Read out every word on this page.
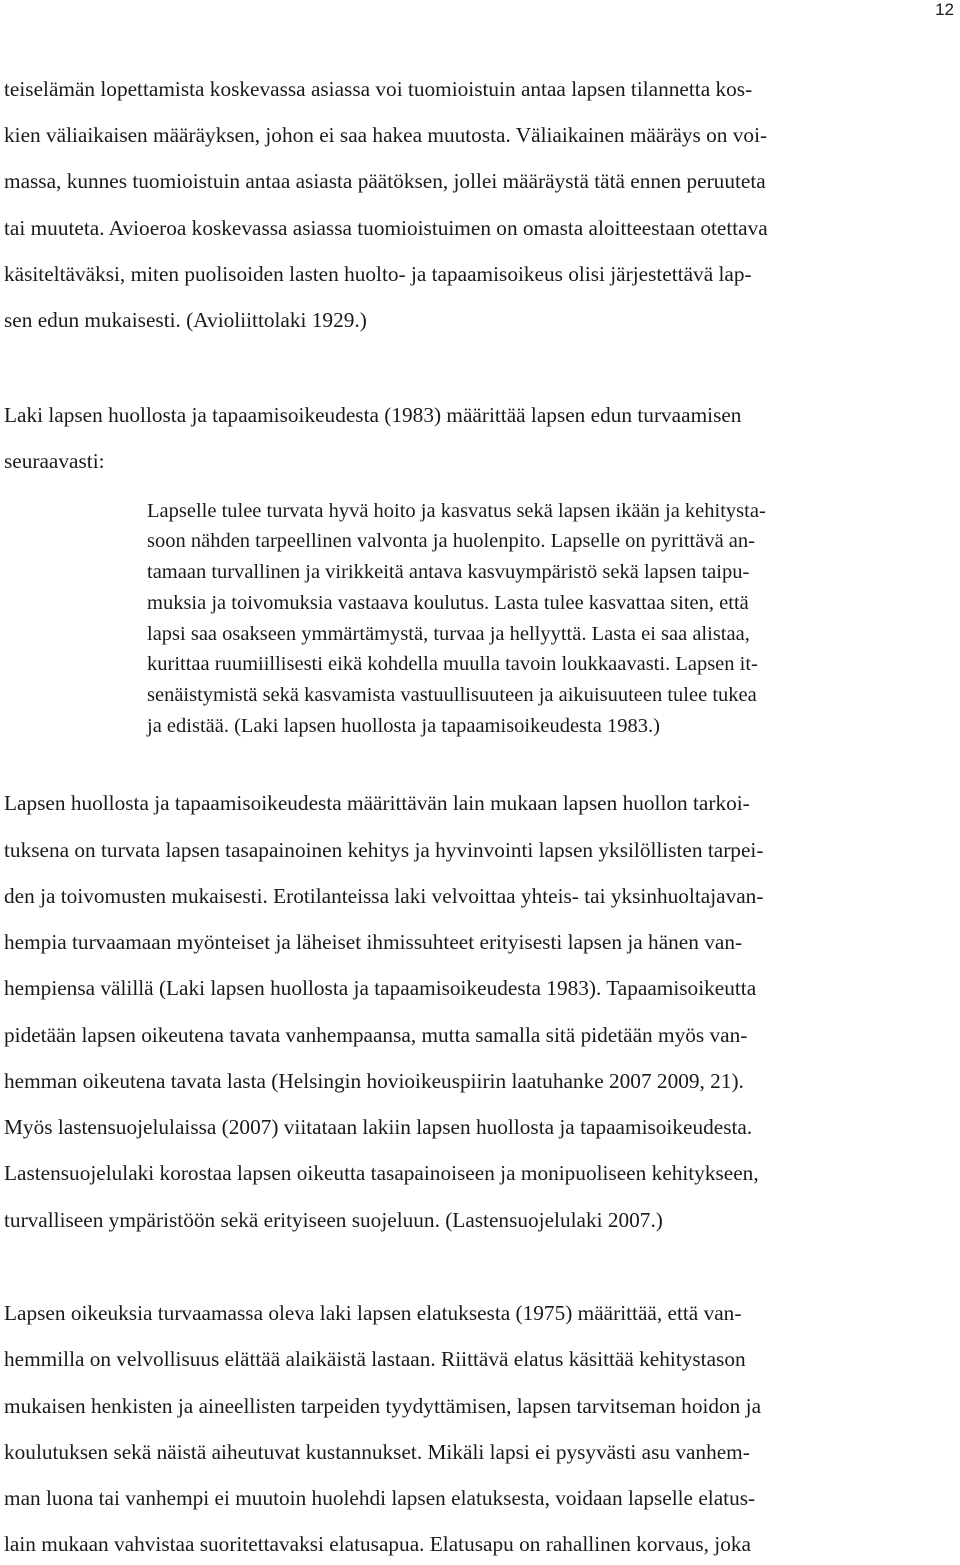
12
teiselämän lopettamista koskevassa asiassa voi tuomioistuin antaa lapsen tilannetta kos-
kien väliaikaisen määräyksen, johon ei saa hakea muutosta. Väliaikainen määräys on voi-
massa, kunnes tuomioistuin antaa asiasta päätöksen, jollei määräystä tätä ennen peruuteta
tai muuteta. Avioeroa koskevassa asiassa tuomioistuimen on omasta aloitteestaan otettava
käsiteltäväksi, miten puolisoiden lasten huolto- ja tapaamisoikeus olisi järjestettävä lap-
sen edun mukaisesti. (Avioliittolaki 1929.)
Laki lapsen huollosta ja tapaamisoikeudesta (1983) määrittää lapsen edun turvaamisen
seuraavasti:
Lapselle tulee turvata hyvä hoito ja kasvatus sekä lapsen ikään ja kehitysta-
soon nähden tarpeellinen valvonta ja huolenpito. Lapselle on pyrittävä an-
tamaan turvallinen ja virikkeitä antava kasvuympäristö sekä lapsen taipu-
muksia ja toivomuksia vastaava koulutus. Lasta tulee kasvattaa siten, että
lapsi saa osakseen ymmärtämystä, turvaa ja hellyyttä. Lasta ei saa alistaa,
kurittaa ruumiillisesti eikä kohdella muulla tavoin loukkaavasti. Lapsen it-
senäistymistä sekä kasvamista vastuullisuuteen ja aikuisuuteen tulee tukea
ja edistää. (Laki lapsen huollosta ja tapaamisoikeudesta 1983.)
Lapsen huollosta ja tapaamisoikeudesta määrittävän lain mukaan lapsen huollon tarkoi-
tuksena on turvata lapsen tasapainoinen kehitys ja hyvinvointi lapsen yksilöllisten tarpei-
den ja toivomusten mukaisesti. Erotilanteissa laki velvoittaa yhteis- tai yksinhuoltajavan-
hempia turvaamaan myönteiset ja läheiset ihmissuhteet erityisesti lapsen ja hänen van-
hempiensa välillä (Laki lapsen huollosta ja tapaamisoikeudesta 1983). Tapaamisoikeutta
pidetään lapsen oikeutena tavata vanhempaansa, mutta samalla sitä pidetään myös van-
hemman oikeutena tavata lasta (Helsingin hovioikeuspiirin laatuhanke 2007 2009, 21).
Myös lastensuojelulaissa (2007) viitataan lakiin lapsen huollosta ja tapaamisoikeudesta.
Lastensuojelulaki korostaa lapsen oikeutta tasapainoiseen ja monipuoliseen kehitykseen,
turvalliseen ympäristöön sekä erityiseen suojeluun. (Lastensuojelulaki 2007.)
Lapsen oikeuksia turvaamassa oleva laki lapsen elatuksesta (1975) määrittää, että van-
hemmilla on velvollisuus elättää alaikäistä lastaan. Riittävä elatus käsittää kehitystason
mukaisen henkisten ja aineellisten tarpeiden tyydyttämisen, lapsen tarvitseman hoidon ja
koulutuksen sekä näistä aiheutuvat kustannukset. Mikäli lapsi ei pysyvästi asu vanhem-
man luona tai vanhempi ei muutoin huolehdi lapsen elatuksesta, voidaan lapselle elatus-
lain mukaan vahvistaa suoritettavaksi elatusapua. Elatusapu on rahallinen korvaus, joka
